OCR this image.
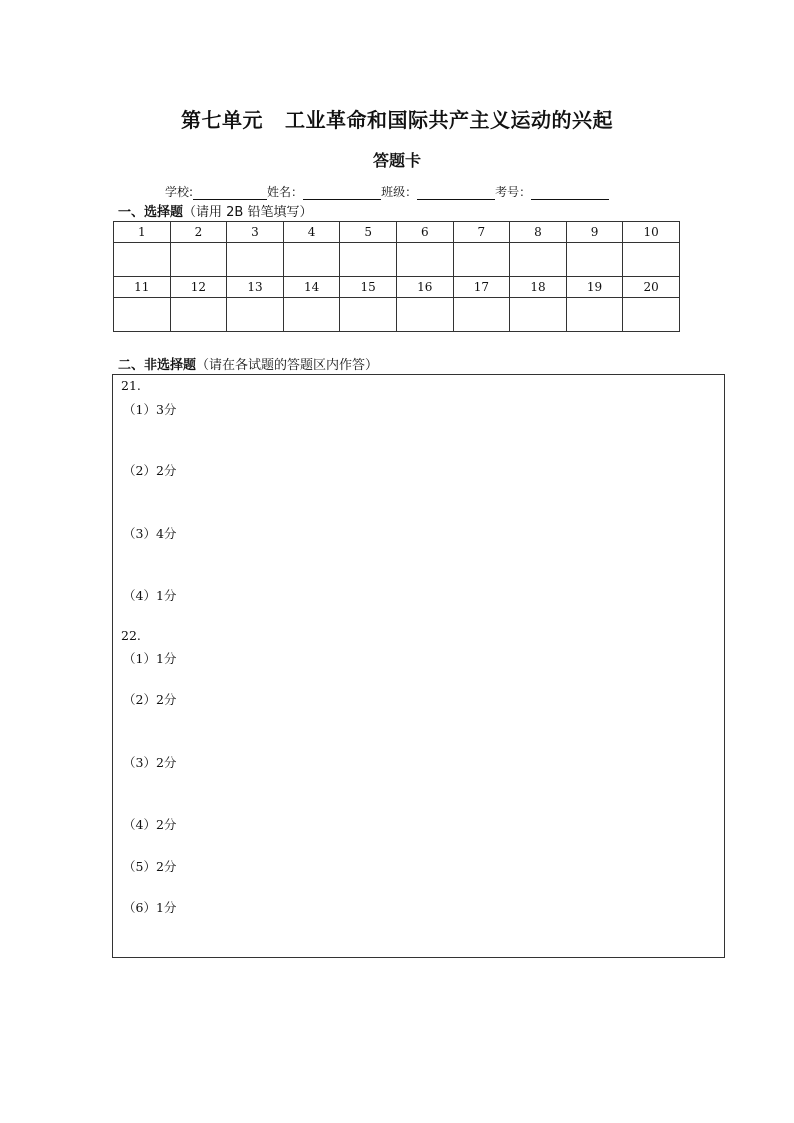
第七单元 工业革命和国际共产主义运动的兴起
答题卡
学校:	姓名：	班级：	考号：
一、选择题（请用 2B 铅笔填写）
1	2	3	4	5	6	7	8	9	10

11	12	13	14	15	16	17	18	19	20

二、非选择题（请在各试题的答题区内作答）
21.
（1）3分
（2）2分
（3）4分
（4）1分
22.
（1）1分
（2）2分
（3）2分
（4）2分
（5）2分
（6）1分
